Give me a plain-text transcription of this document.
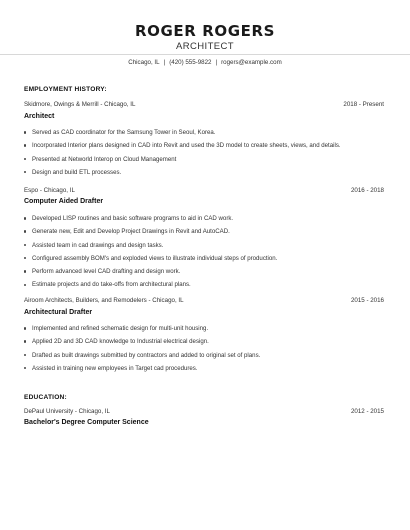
ROGER ROGERS
ARCHITECT
Chicago, IL | (420) 555-9822 | rogers@example.com
EMPLOYMENT HISTORY:
Skidmore, Owings & Merrill - Chicago, IL	2018 - Present
Architect
Served as CAD coordinator for the Samsung Tower in Seoul, Korea.
Incorporated Interior plans designed in CAD into Revit and used the 3D model to create sheets, views, and details.
Presented at Networld Interop on Cloud Management
Design and build ETL processes.
Espo - Chicago, IL	2016 - 2018
Computer Aided Drafter
Developed LISP routines and basic software programs to aid in CAD work.
Generate new, Edit and Develop Project Drawings in Revit and AutoCAD.
Assisted team in cad drawings and design tasks.
Configured assembly BOM's and exploded views to illustrate individual steps of production.
Perform advanced level CAD drafting and design work.
Estimate projects and do take-offs from architectural plans.
Airoom Architects, Builders, and Remodelers - Chicago, IL	2015 - 2016
Architectural Drafter
Implemented and refined schematic design for multi-unit housing.
Applied 2D and 3D CAD knowledge to Industrial electrical design.
Drafted as built drawings submitted by contractors and added to original set of plans.
Assisted in training new employees in Target cad procedures.
EDUCATION:
DePaul University - Chicago, IL	2012 - 2015
Bachelor's Degree Computer Science
